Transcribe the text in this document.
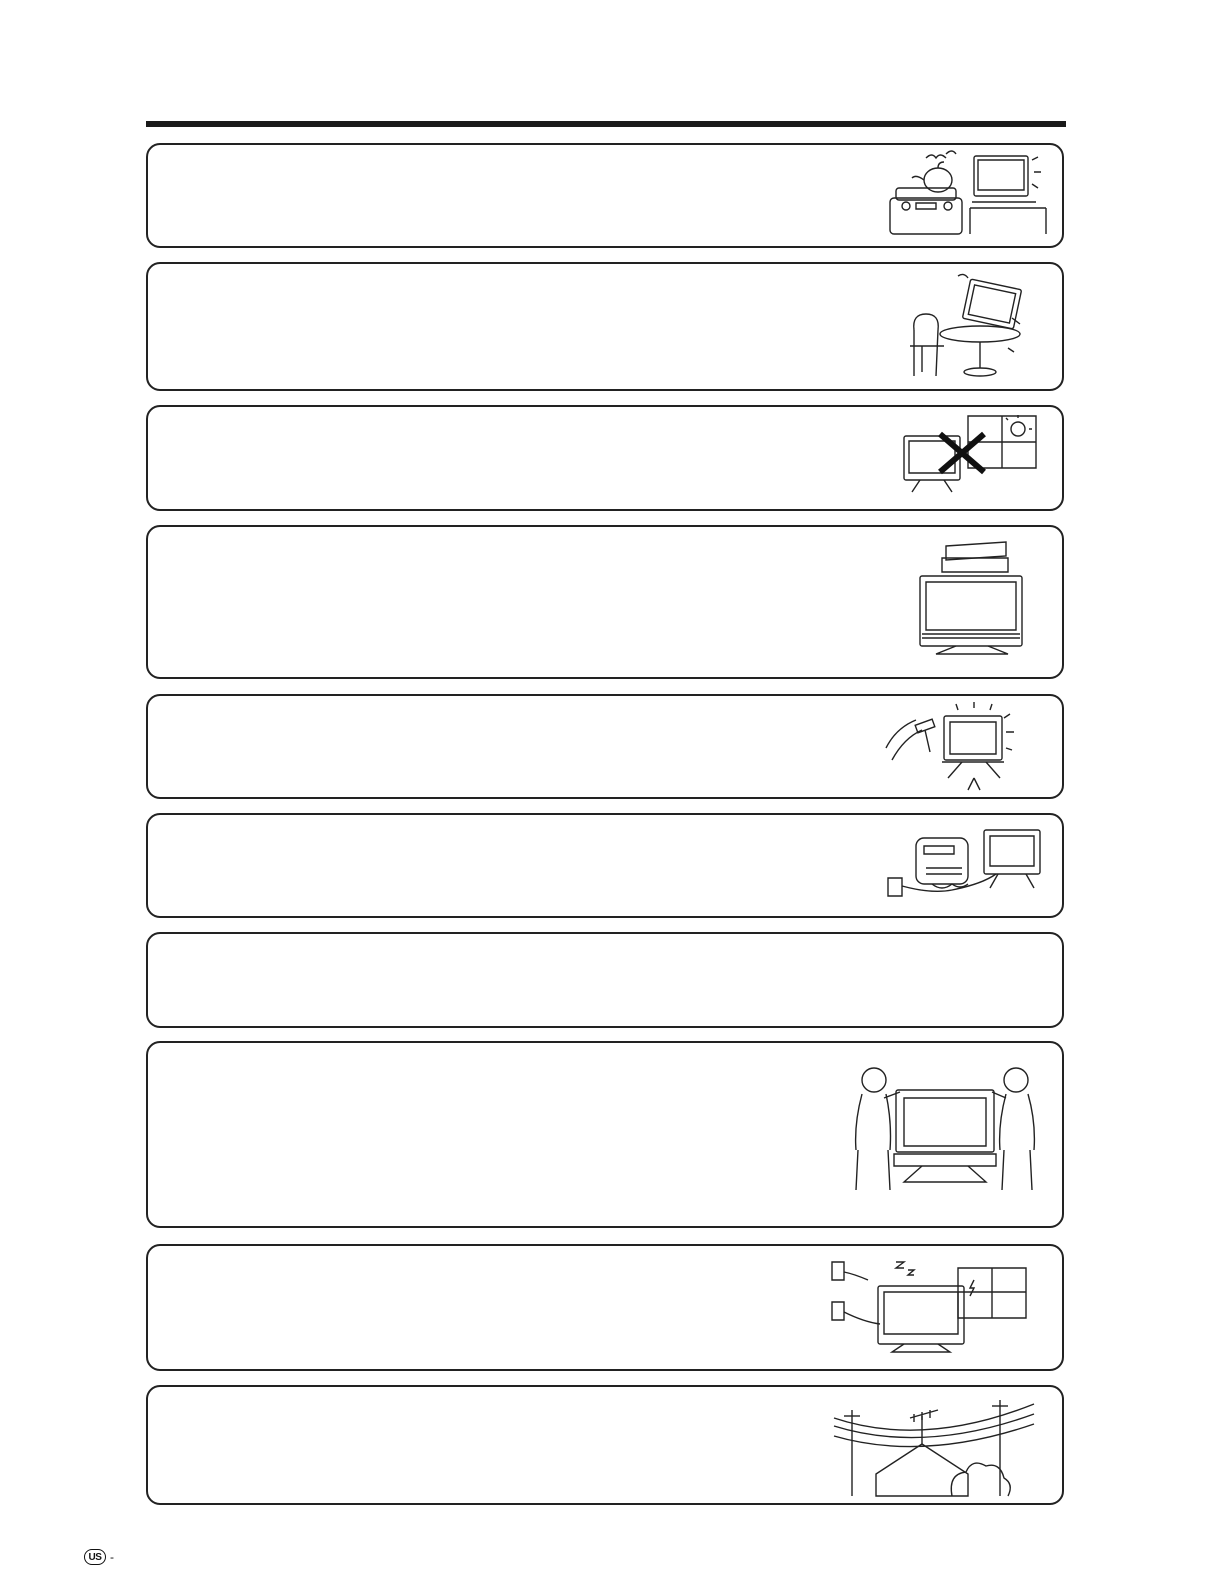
US -
